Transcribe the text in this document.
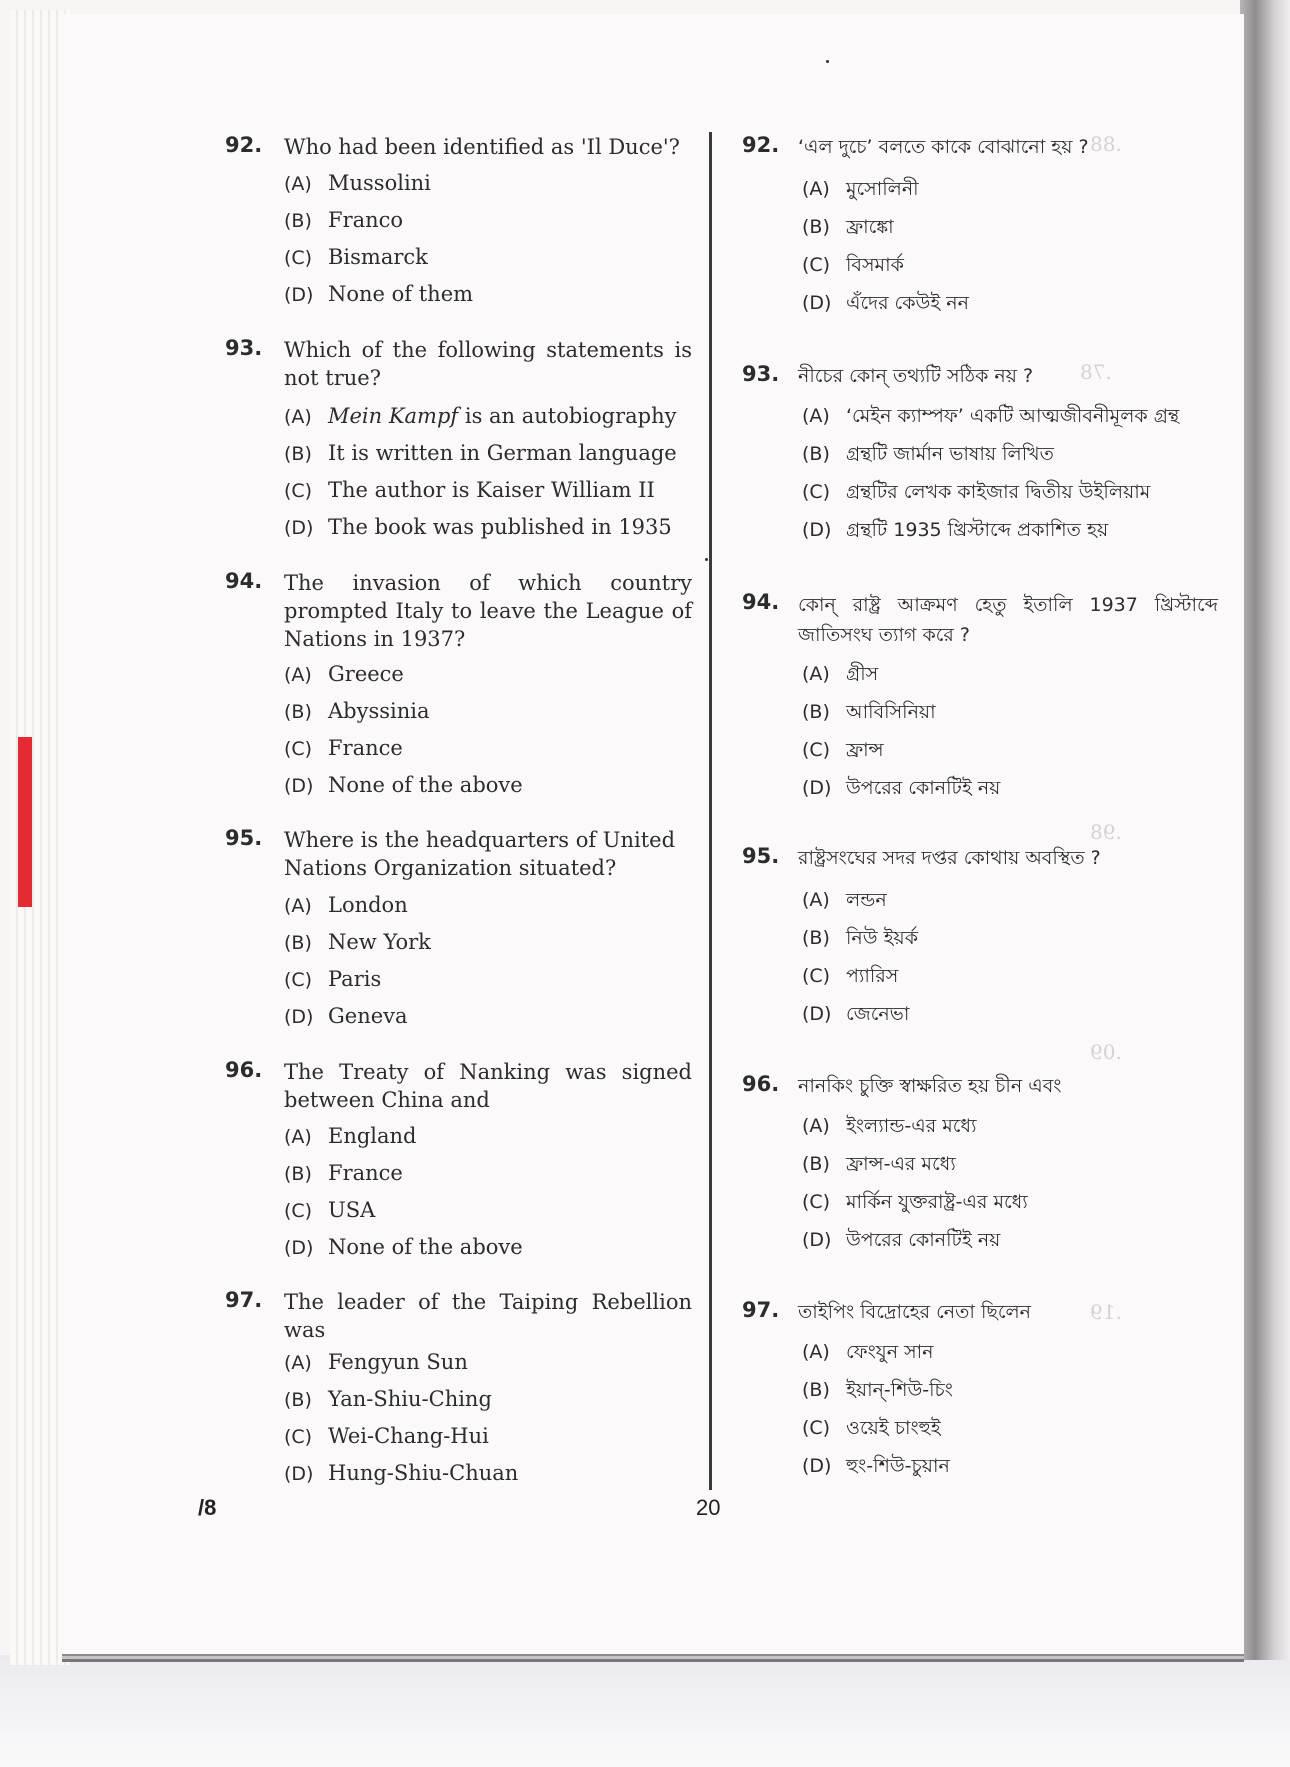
.88
.78
.98
.09
.19
92. Who had been identified as 'Il Duce'?
(A) Mussolini
(B) Franco
(C) Bismarck
(D) None of them
93. Which of the following statements is not true?
(A) Mein Kampf is an autobiography
(B) It is written in German language
(C) The author is Kaiser William II
(D) The book was published in 1935
94. The invasion of which country prompted Italy to leave the League of Nations in 1937?
(A) Greece
(B) Abyssinia
(C) France
(D) None of the above
95. Where is the headquarters of United Nations Organization situated?
(A) London
(B) New York
(C) Paris
(D) Geneva
96. The Treaty of Nanking was signed between China and
(A) England
(B) France
(C) USA
(D) None of the above
97. The leader of the Taiping Rebellion was
(A) Fengyun Sun
(B) Yan-Shiu-Ching
(C) Wei-Chang-Hui
(D) Hung-Shiu-Chuan
92. ‘এল দুচে’ বলতে কাকে বোঝানো হয় ?
(A) মুসোলিনী
(B) ফ্রাঙ্কো
(C) বিসমার্ক
(D) এঁদের কেউই নন
93. নীচের কোন্ তথ্যটি সঠিক নয় ?
(A) ‘মেইন ক্যাম্পফ’ একটি আত্মজীবনীমূলক গ্রন্থ
(B) গ্রন্থটি জার্মান ভাষায় লিখিত
(C) গ্রন্থটির লেখক কাইজার দ্বিতীয় উইলিয়াম
(D) গ্রন্থটি 1935 খ্রিস্টাব্দে প্রকাশিত হয়
94. কোন্ রাষ্ট্র আক্রমণ হেতু ইতালি 1937 খ্রিস্টাব্দে জাতিসংঘ ত্যাগ করে ?
(A) গ্রীস
(B) আবিসিনিয়া
(C) ফ্রান্স
(D) উপরের কোনটিই নয়
95. রাষ্ট্রসংঘের সদর দপ্তর কোথায় অবস্থিত ?
(A) লন্ডন
(B) নিউ ইয়র্ক
(C) প্যারিস
(D) জেনেভা
96. নানকিং চুক্তি স্বাক্ষরিত হয় চীন এবং
(A) ইংল্যান্ড-এর মধ্যে
(B) ফ্রান্স-এর মধ্যে
(C) মার্কিন যুক্তরাষ্ট্র-এর মধ্যে
(D) উপরের কোনটিই নয়
97. তাইপিং বিদ্রোহের নেতা ছিলেন
(A) ফেংযুন সান
(B) ইয়ান্-শিউ-চিং
(C) ওয়েই চাংহুই
(D) হুং-শিউ-চুয়ান
/8	20
